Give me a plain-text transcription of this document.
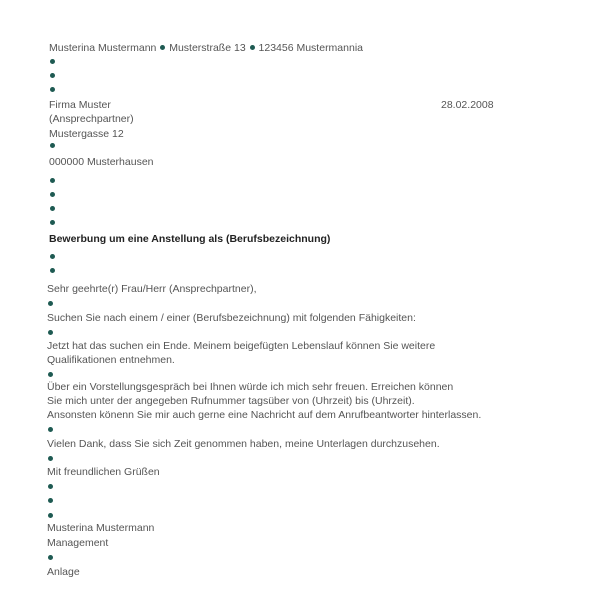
Musterina Mustermann Musterstraße 13 123456 Mustermannia
Firma Muster	28.02.2008
(Ansprechpartner)
Mustergasse 12
000000 Musterhausen
Bewerbung um eine Anstellung als (Berufsbezeichnung)
Sehr geehrte(r) Frau/Herr (Ansprechpartner),
Suchen Sie nach einem / einer (Berufsbezeichnung) mit folgenden Fähigkeiten:
Jetzt hat das suchen ein Ende. Meinem beigefügten Lebenslauf können Sie weitere
Qualifikationen entnehmen.
Über ein Vorstellungsgespräch bei Ihnen würde ich mich sehr freuen. Erreichen können
Sie mich unter der angegeben Rufnummer tagsüber von (Uhrzeit) bis (Uhrzeit).
Ansonsten könenn Sie mir auch gerne eine Nachricht auf dem Anrufbeantworter hinterlassen.
Vielen Dank, dass Sie sich Zeit genommen haben, meine Unterlagen durchzusehen.
Mit freundlichen Grüßen
Musterina Mustermann
Management
Anlage
